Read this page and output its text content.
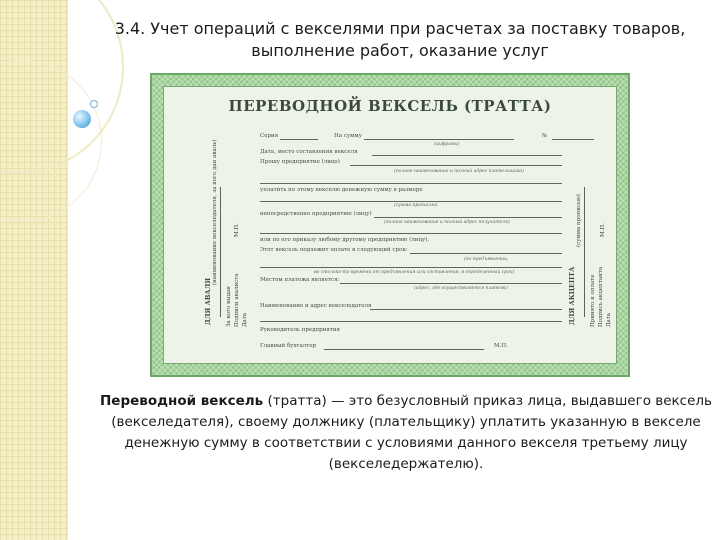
3.4. Учет операций с векселями при расчетах за поставку товаров,
выполнение работ, оказание услуг
ПЕРЕВОДНОЙ ВЕКСЕЛЬ (ТРАТТА)
Серия	На сумму	№
(цифрами)
Дата, место составления векселя
Прошу предприятие (лицо)
(полное наименование и полный адрес плательщика)
уплатить по этому векселю денежную сумму в размере
(сумма прописью)
непосредственно предприятию (лицу)
(полное наименование и полный адрес получателя)
или по его приказу любому другому предприятию (лицу).
Этот вексель подлежит оплате в следующий срок:
(по предъявлении,
во столько-то времени от предъявления или составления, в определенный срок)
Местом платежа является:
(адрес, где осуществляется платеж)
Наименование и адрес векселедателя
Руководитель предприятия
Главный бухгалтер	М.П.
ДЛЯ АВАЛЯ
(наименование векселедателя, за кого дан аваль)
За кого выдан Подписи авалиста Дата
М.П.
ДЛЯ АКЦЕПТА
(сумма прописью)
Принято к оплате Подпись акцептанта Дата
М.П.
Переводной вексель (тратта) — это безусловный приказ лица, выдавшего вексель (векселедателя), своему должнику (плательщику) уплатить указанную в векселе денежную сумму в соответствии с условиями данного векселя третьему лицу (векселедержателю).
